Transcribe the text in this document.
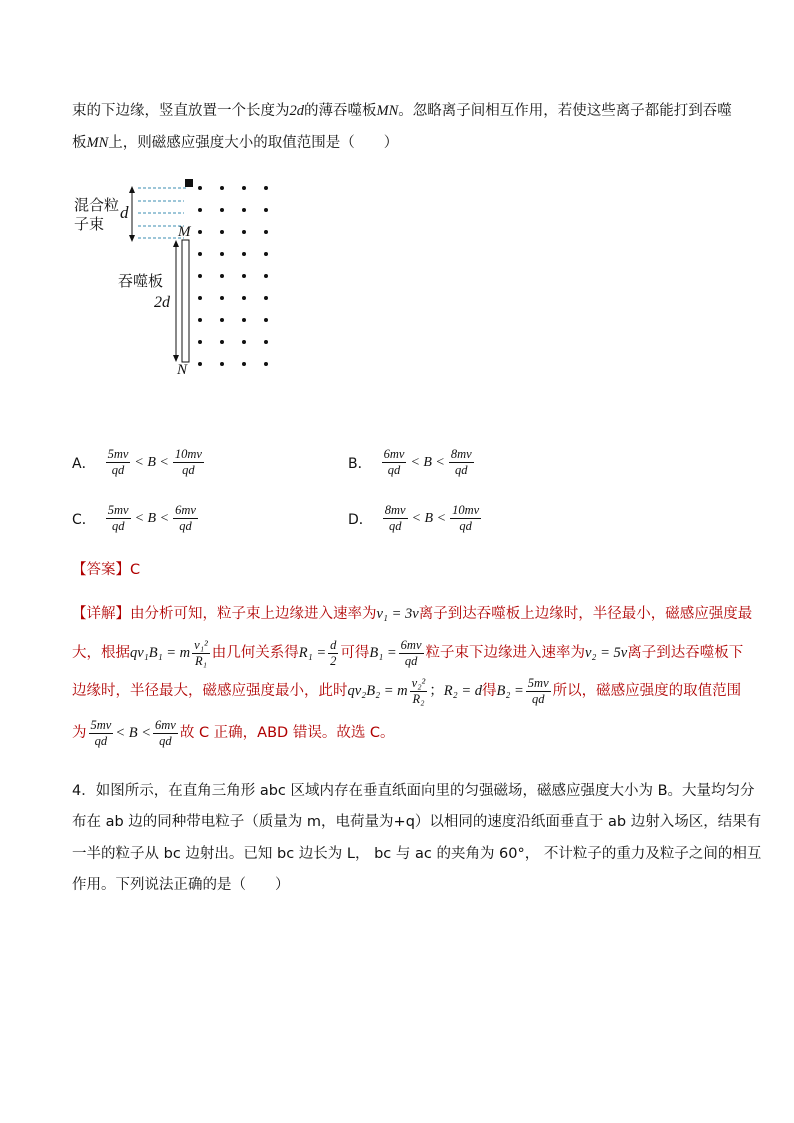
束的下边缘，竖直放置一个长度为2d的薄吞噬板MN。忽略离子间相互作用，若使这些离子都能打到吞噬
板MN上，则磁感应强度大小的取值范围是（　　）
混合粒
子束
d
吞噬板
2d
M
N
A． $\frac{5mv}{qd} < B < \frac{10mv}{qd}$	B． $\frac{6mv}{qd} < B < \frac{8mv}{qd}$
C． $\frac{5mv}{qd} < B < \frac{6mv}{qd}$	D． $\frac{8mv}{qd} < B < \frac{10mv}{qd}$
【答案】C
【详解】由分析可知，粒子束上边缘进入速率为v₁ = 3v离子到达吞噬板上边缘时，半径最小，磁感应强度最
大，根据qv₁B₁ = m $\frac{\text{v₁²}}{\text{R₁}}$ 由几何关系得$R_1 = \frac{d}{2}$ 可得$B_1 = \frac{6mv}{qd}$ 粒子束下边缘进入速率为v₂ = 5v离子到达吞噬板下
边缘时，半径最大，磁感应强度最小，此时qv₂B₂ = m $\frac{\text{v₂²}}{\text{R₂}}$ ；R₂ = d得$B_2 = \frac{5mv}{qd}$ 所以，磁感应强度的取值范围
为 $\frac{5mv}{qd} < B < \frac{6mv}{qd}$ 故 C 正确，ABD 错误。故选 C。
4．如图所示，在直角三角形 abc 区域内存在垂直纸面向里的匀强磁场，磁感应强度大小为 B。大量均匀分
布在 ab 边的同种带电粒子（质量为 m，电荷量为+q）以相同的速度沿纸面垂直于 ab 边射入场区，结果有
一半的粒子从 bc 边射出。已知 bc 边长为 L， bc 与 ac 的夹角为 60°， 不计粒子的重力及粒子之间的相互
作用。下列说法正确的是（　　）
